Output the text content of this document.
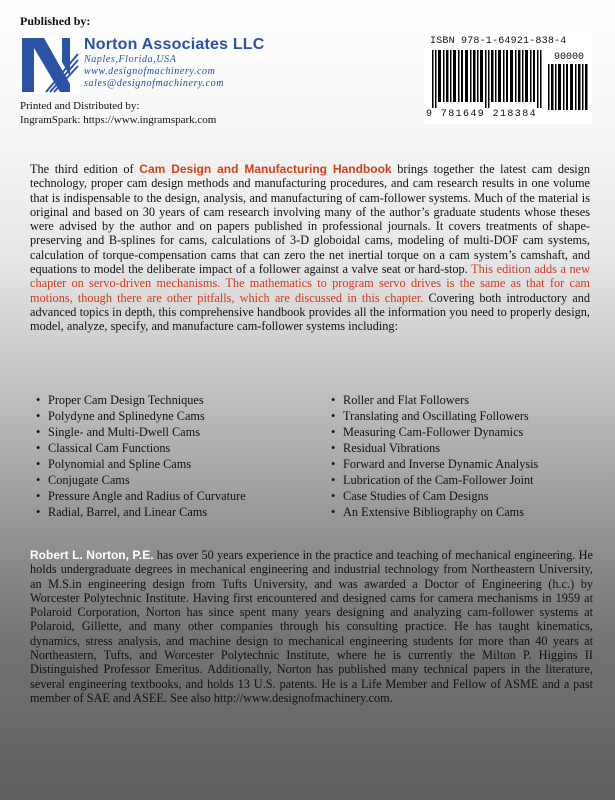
Published by:
Norton Associates LLC
Naples,Florida,USA
www.designofmachinery.com
sales@designofmachinery.com
Printed and Distributed by:
IngramSpark: https://www.ingramspark.com
ISBN 978-1-64921-838-4
90000
9 781649 218384
The third edition of Cam Design and Manufacturing Handbook brings together the latest cam design technology, proper cam design methods and manufacturing procedures, and cam research results in one volume that is indispensable to the design, analysis, and manufacturing of cam-follower systems. Much of the material is original and based on 30 years of cam research involving many of the author’s graduate students whose theses were advised by the author and on papers published in professional journals. It covers treatments of shape-preserving and B-splines for cams, calculations of 3-D globoidal cams, modeling of multi-DOF cam systems, calculation of torque-compensation cams that can zero the net inertial torque on a cam system’s camshaft, and equations to model the deliberate impact of a follower against a valve seat or hard-stop. This edition adds a new chapter on servo-driven mechanisms. The mathematics to program servo drives is the same as that for cam motions, though there are other pitfalls, which are discussed in this chapter. Covering both introductory and advanced topics in depth, this comprehensive handbook provides all the information you need to properly design, model, analyze, specify, and manufacture cam-follower systems including:
• Proper Cam Design Techniques
• Polydyne and Splinedyne Cams
• Single- and Multi-Dwell Cams
• Classical Cam Functions
• Polynomial and Spline Cams
• Conjugate Cams
• Pressure Angle and Radius of Curvature
• Radial, Barrel, and Linear Cams
• Roller and Flat Followers
• Translating and Oscillating Followers
• Measuring Cam-Follower Dynamics
• Residual Vibrations
• Forward and Inverse Dynamic Analysis
• Lubrication of the Cam-Follower Joint
• Case Studies of Cam Designs
• An Extensive Bibliography on Cams
Robert L. Norton, P.E. has over 50 years experience in the practice and teaching of mechanical engineering. He holds undergraduate degrees in mechanical engineering and industrial technology from Northeastern University, an M.S.in engineering design from Tufts University, and was awarded a Doctor of Engineering (h.c.) by Worcester Polytechnic Institute. Having first encountered and designed cams for camera mechanisms in 1959 at Polaroid Corporation, Norton has since spent many years designing and analyzing cam-follower systems at Polaroid, Gillette, and many other companies through his consulting practice. He has taught kinematics, dynamics, stress analysis, and machine design to mechanical engineering students for more than 40 years at Northeastern, Tufts, and Worcester Polytechnic Institute, where he is currently the Milton P. Higgins II Distinguished Professor Emeritus. Additionally, Norton has published many technical papers in the literature, several engineering textbooks, and holds 13 U.S. patents. He is a Life Member and Fellow of ASME and a past member of SAE and ASEE. See also http://www.designofmachinery.com.
